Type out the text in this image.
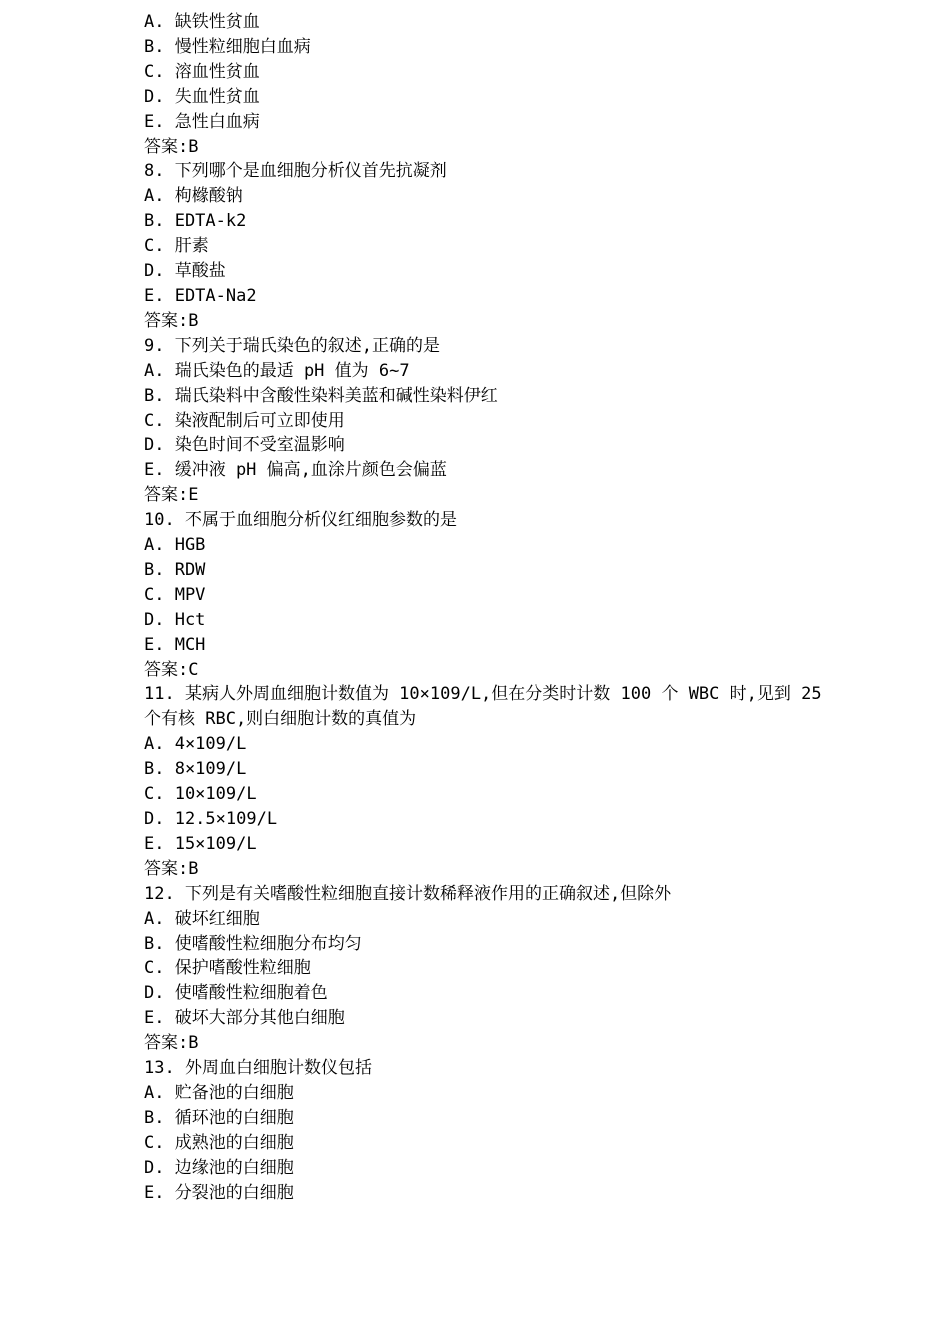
A. 缺铁性贫血
B. 慢性粒细胞白血病
C. 溶血性贫血
D. 失血性贫血
E. 急性白血病
答案:B
8. 下列哪个是血细胞分析仪首先抗凝剂
A. 枸橼酸钠
B. EDTA-k2
C. 肝素
D. 草酸盐
E. EDTA-Na2
答案:B
9. 下列关于瑞氏染色的叙述,正确的是
A. 瑞氏染色的最适 pH 值为 6~7
B. 瑞氏染料中含酸性染料美蓝和碱性染料伊红
C. 染液配制后可立即使用
D. 染色时间不受室温影响
E. 缓冲液 pH 偏高,血涂片颜色会偏蓝
答案:E
10. 不属于血细胞分析仪红细胞参数的是
A. HGB
B. RDW
C. MPV
D. Hct
E. MCH
答案:C
11. 某病人外周血细胞计数值为 10×109/L,但在分类时计数 100 个 WBC 时,见到 25 个有核 RBC,则白细胞计数的真值为
A. 4×109/L
B. 8×109/L
C. 10×109/L
D. 12.5×109/L
E. 15×109/L
答案:B
12. 下列是有关嗜酸性粒细胞直接计数稀释液作用的正确叙述,但除外
A. 破坏红细胞
B. 使嗜酸性粒细胞分布均匀
C. 保护嗜酸性粒细胞
D. 使嗜酸性粒细胞着色
E. 破坏大部分其他白细胞
答案:B
13. 外周血白细胞计数仪包括
A. 贮备池的白细胞
B. 循环池的白细胞
C. 成熟池的白细胞
D. 边缘池的白细胞
E. 分裂池的白细胞
